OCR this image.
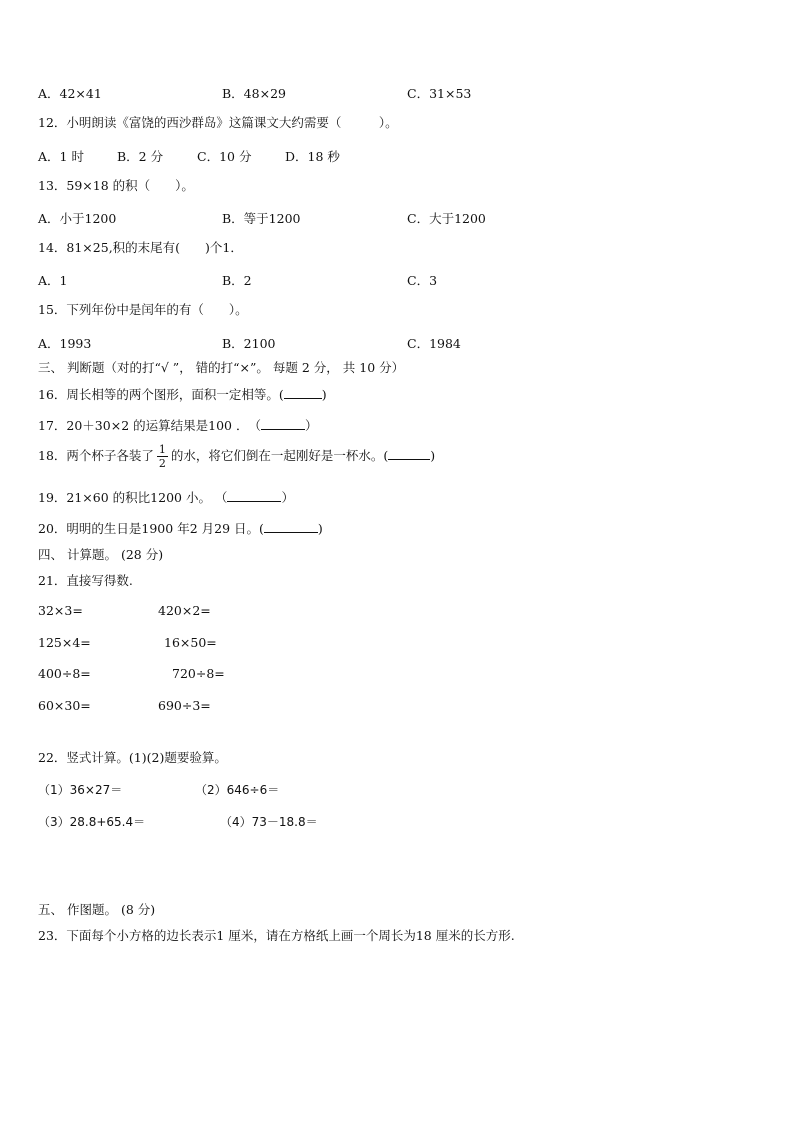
A．42×41	B．48×29	C．31×53
12．小明朗读《富饶的西沙群岛》这篇课文大约需要（　　　）。
A．1 时	B．2 分	C．10 分	D．18 秒
13．59×18 的积（　　）。
A．小于1200	B．等于1200	C．大于1200
14．81×25,积的末尾有(　　)个1．
A．1	B．2	C．3
15．下列年份中是闰年的有（　　）。
A．1993	B．2100	C．1984
三、 判断题（对的打“√ ”， 错的打“×”。 每题 2 分， 共 10 分）
16．周长相等的两个图形，面积一定相等。(	)
17．20＋30×2 的运算结果是100 ．　（	）
18．两个杯子各装了 $\frac{1}{2}$ 的水，将它们倒在一起刚好是一杯水。(	)
19．21×60 的积比1200 小。 （	）
20．明明的生日是1900 年2 月29 日。(	)
四、 计算题。 (28 分)
21．直接写得数.
32×3=	420×2=
125×4=	16×50=
400÷8=	720÷8=
60×30=	690÷3=
22．竖式计算。(1)(2)题要验算。
（1）36×27＝	（2）646÷6＝
（3）28.8+65.4＝	（4）73－18.8＝
五、 作图题。 (8 分)
23．下面每个小方格的边长表示1 厘米，请在方格纸上画一个周长为18 厘米的长方形.
